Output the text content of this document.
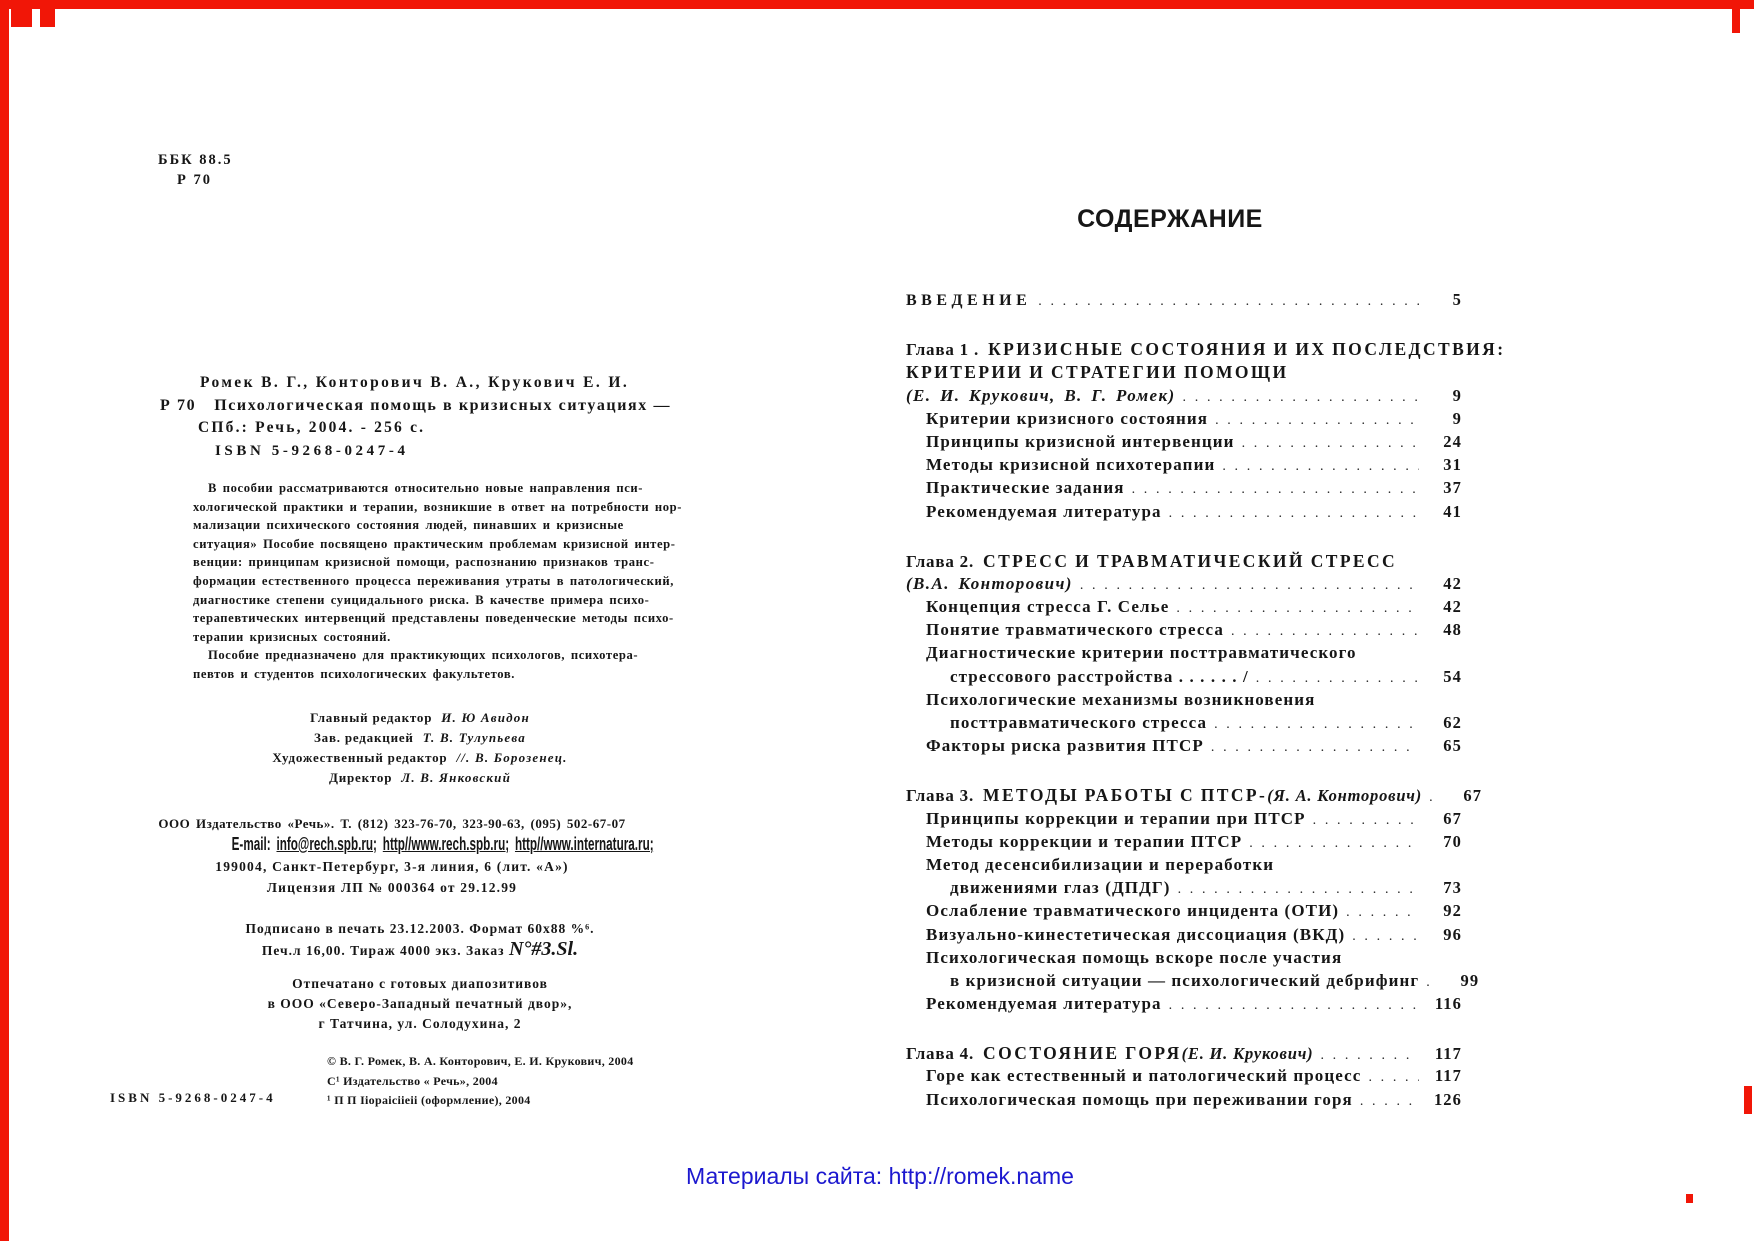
ББК 88.5
Р 70
Ромек В. Г., Конторович В. А., Крукович Е. И.
Р 70 Психологическая помощь в кризисных ситуациях —
СПб.: Речь, 2004. - 256 с.
ISBN 5-9268-0247-4
В пособии рассматриваются относительно новые направления пси-
хологической практики и терапии, возникшие в ответ на потребности нор-
мализации психического состояния людей, пинавших и кризисные
ситуация» Пособие посвящено практическим проблемам кризисной интер-
венции: принципам кризисной помощи, распознанию признаков транс-
формации естественного процесса переживания утраты в патологический,
диагностике степени суицидального риска. В качестве примера психо-
терапевтических интервенций представлены поведенческие методы психо-
терапии кризисных состояний.
Пособие предназначено для практикующих психологов, психотера-
певтов и студентов психологических факультетов.
Главный редактор И. Ю Авидон
Зав. редакцией Т. В. Тулупьева
Художественный редактор //. В. Борозенец.
Директор Л. В. Янковский
ООО Издательство «Речь». Т. (812) 323-76-70, 323-90-63, (095) 502-67-07
E-mail: info@rech.spb.ru; http//www.rech.spb.ru; http//www.internatura.ru;
199004, Санкт-Петербург, 3-я линия, 6 (лит. «А»)
Лицензия ЛП № 000364 от 29.12.99
Подписано в печать 23.12.2003. Формат 60х88 %⁶.
Печ.л 16,00. Тираж 4000 экз. Заказ N°#3.Sl.
Отпечатано с готовых диапозитивов
в ООО «Северо-Западный печатный двор»,
г Татчина, ул. Солодухина, 2
© В. Г. Ромек, В. А. Конторович, Е. И. Крукович, 2004
С¹ Издательство « Речь», 2004
¹ П П Iiopaiciieii (оформление), 2004
ISBN 5-9268-0247-4
СОДЕРЖАНИЕ
ВВЕДЕНИЕ . . .	5
Глава 1 . КРИЗИСНЫЕ СОСТОЯНИЯ И ИХ ПОСЛЕДСТВИЯ:
КРИТЕРИИ И СТРАТЕГИИ ПОМОЩИ
(Е. И. Крукович, В. Г. Ромек) . . .	9
Критерии кризисного состояния . . .	9
Принципы кризисной интервенции . . .	24
Методы кризисной психотерапии . . .	31
Практические задания . . .	37
Рекомендуемая литература . . .	41
Глава 2. СТРЕСС И ТРАВМАТИЧЕСКИЙ СТРЕСС
(В.А. Конторович) . . .	42
Концепция стресса Г. Селье . . .	42
Понятие травматического стресса . . .	48
Диагностические критерии посттравматического
стрессового расстройства . . . . . . / . . .	54
Психологические механизмы возникновения
посттравматического стресса . . .	62
Факторы риска развития ПТСР . . .	65
Глава 3. МЕТОДЫ РАБОТЫ С ПТСР- (Я. А. Конторович) . . .	67
Принципы коррекции и терапии при ПТСР . . .	67
Методы коррекции и терапии ПТСР . . .	70
Метод десенсибилизации и переработки
движениями глаз (ДПДГ) . . .	73
Ослабление травматического инцидента (ОТИ) . . .	92
Визуально-кинестетическая диссоциация (ВКД) . . .	96
Психологическая помощь вскоре после участия
в кризисной ситуации — психологический дебрифинг . . .	99
Рекомендуемая литература . . .	116
Глава 4. СОСТОЯНИЕ ГОРЯ (Е. И. Крукович) . . .	117
Горе как естественный и патологический процесс . . .	117
Психологическая помощь при переживании горя . . .	126
Материалы сайта: http://romek.name
